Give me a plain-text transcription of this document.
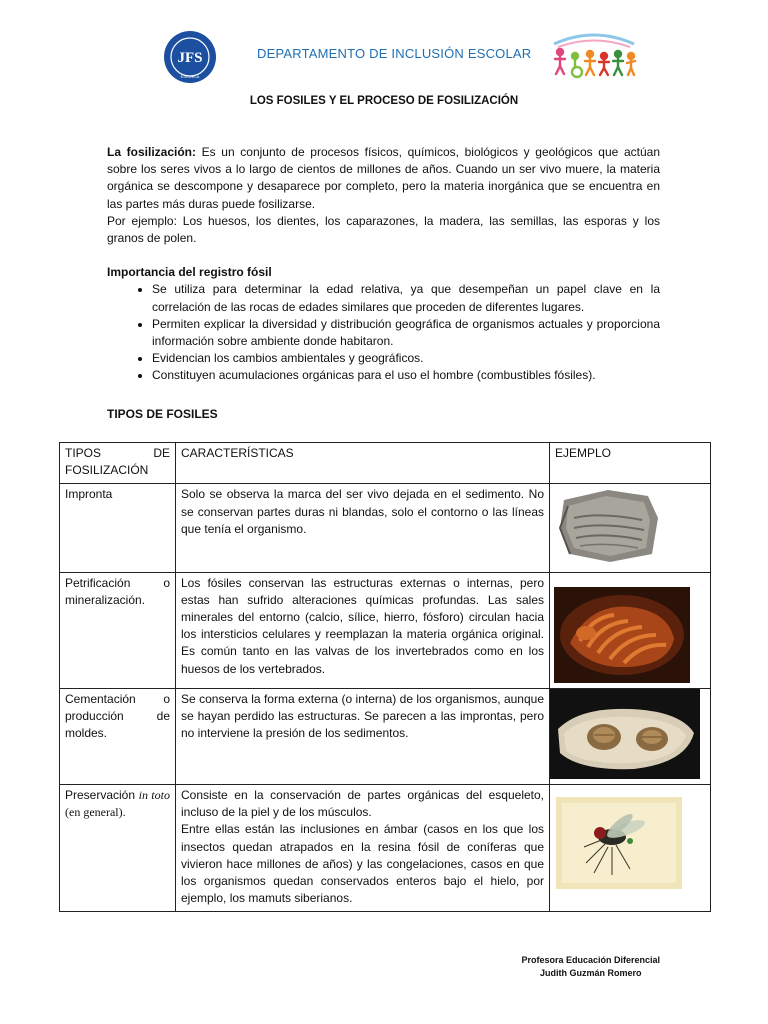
JFS
ESCUELA
DEPARTAMENTO DE INCLUSIÓN ESCOLAR
LOS FOSILES Y EL PROCESO DE FOSILIZACIÓN

La fosilización: Es un conjunto de procesos físicos, químicos, biológicos y geológicos que actúan sobre los seres vivos a lo largo de cientos de millones de años. Cuando un ser vivo muere, la materia orgánica se descompone y desaparece por completo, pero la materia inorgánica que se encuentra en las partes más duras puede fosilizarse.

Por ejemplo: Los huesos, los dientes, los caparazones, la madera, las semillas, las esporas y los granos de polen.

Importancia del registro fósil

• Se utiliza para determinar la edad relativa, ya que desempeñan un papel clave en la correlación de las rocas de edades similares que proceden de diferentes lugares.
• Permiten explicar la diversidad y distribución geográfica de organismos actuales y proporciona información sobre ambiente donde habitaron.
• Evidencian los cambios ambientales y geográficos.
• Constituyen acumulaciones orgánicas para el uso el hombre (combustibles fósiles).
TIPOS DE FOSILES
TIPOS DE
FOSILIZACIÓN	CARACTERÍSTICAS	EJEMPLO
Impronta	Solo se observa la marca del ser vivo dejada en el sedimento. No se conservan partes duras ni blandas, solo el contorno o las líneas que tenía el organismo.	
Petrificación o mineralización.	Los fósiles conservan las estructuras externas o internas, pero estas han sufrido alteraciones químicas profundas. Las sales minerales del entorno (calcio, sílice, hierro, fósforo) circulan hacia los intersticios celulares y reemplazan la materia orgánica original. Es común tanto en las valvas de los invertebrados como en los huesos de los vertebrados.	
Cementación o producción de moldes.	Se conserva la forma externa (o interna) de los organismos, aunque se hayan perdido las estructuras. Se parecen a las improntas, pero no interviene la presión de los sedimentos.	
Preservación in toto (en general).	Consiste en la conservación de partes orgánicas del esqueleto, incluso de la piel y de los músculos.
Entre ellas están las inclusiones en ámbar (casos en los que los insectos quedan atrapados en la resina fósil de coníferas que vivieron hace millones de años) y las congelaciones, casos en que los organismos quedan conservados enteros bajo el hielo, por ejemplo, los mamuts siberianos.

Profesora Educación Diferencial
Judith Guzmán Romero
